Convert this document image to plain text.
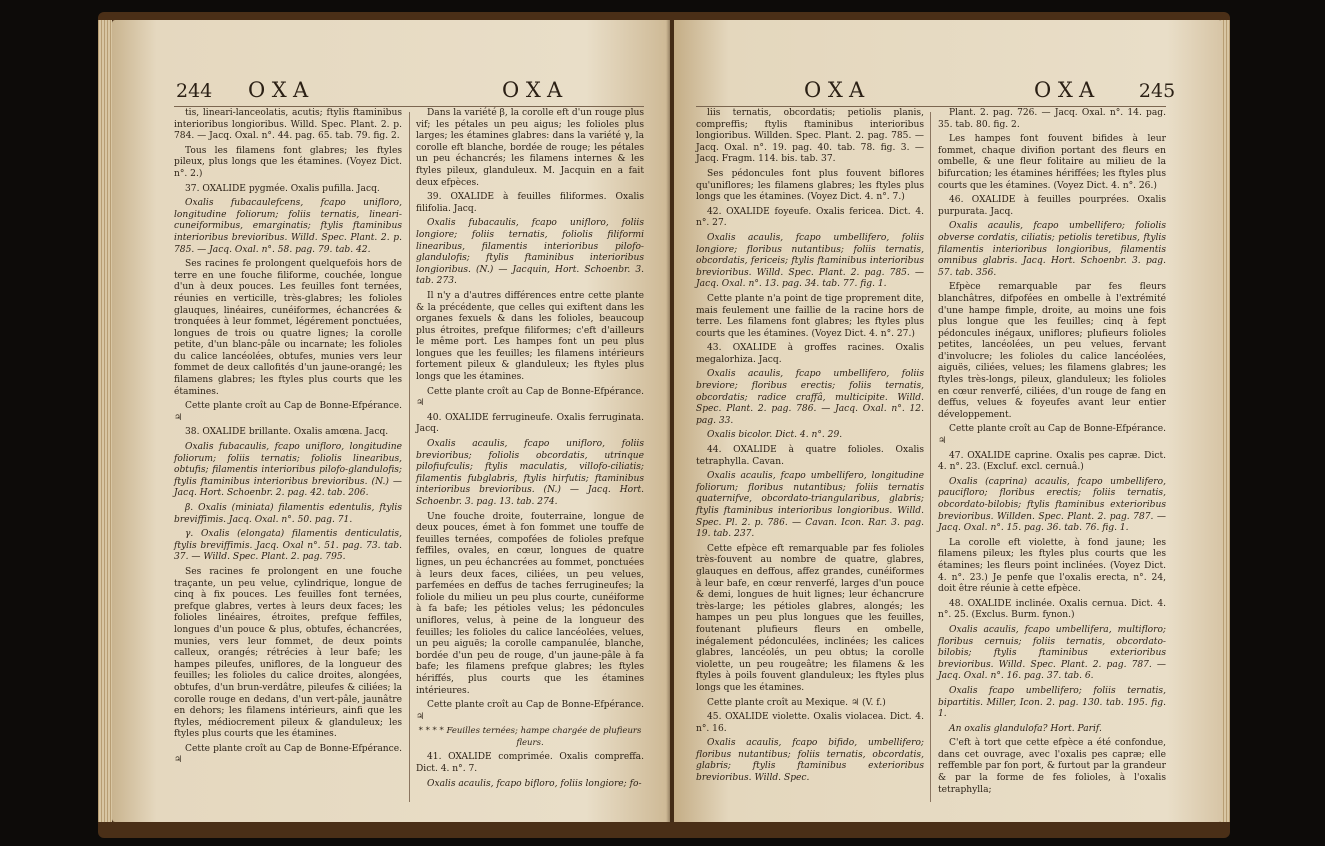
244 OXA	OXA

tis, lineari-lanceolatis, acutis; ftylis ftaminibus interioribus longioribus. Willd. Spec. Plant. 2. p. 784. — Jacq. Oxal. n°. 44. pag. 65. tab. 79. fig. 2.

Tous les filamens font glabres; les ftyles pileux, plus longs que les étamines. (Voyez Dict. n°. 2.)

37. OXALIDE pygmée. Oxalis pufilla. Jacq.

Oxalis fubacaulefcens, fcapo unifloro, longitudine foliorum; foliis ternatis, lineari-cuneiformibus, emarginatis; ftylis ftaminibus interioribus brevioribus. Willd. Spec. Plant. 2. p. 785. — Jacq. Oxal. n°. 58. pag. 79. tab. 42.

Ses racines fe prolongent quelquefois hors de terre en une fouche filiforme, couchée, longue d'un à deux pouces. Les feuilles font ternées, réunies en verticille, très-glabres; les folioles glauques, linéaires, cunéiformes, échancrées & tronquées à leur fommet, légérement ponctuées, longues de trois ou quatre lignes; la corolle petite, d'un blanc-pâle ou incarnate; les folioles du calice lancéolées, obtufes, munies vers leur fommet de deux callofités d'un jaune-orangé; les filamens glabres; les ftyles plus courts que les étamines.

Cette plante croît au Cap de Bonne-Efpérance. ♃

38. OXALIDE brillante. Oxalis amœna. Jacq.

Oxalis fubacaulis, fcapo unifloro, longitudine foliorum; foliis ternatis; foliolis linearibus, obtufis; filamentis interioribus pilofo-glandulofis; ftylis ftaminibus interioribus brevioribus. (N.) — Jacq. Hort. Schoenbr. 2. pag. 42. tab. 206.

β. Oxalis (miniata) filamentis edentulis, ftylis breviffimis. Jacq. Oxal. n°. 50. pag. 71.

γ. Oxalis (elongata) filamentis denticulatis, ftylis breviffimis. Jacq. Oxal n°. 51. pag. 73. tab. 37. — Willd. Spec. Plant. 2. pag. 795.

Ses racines fe prolongent en une fouche traçante, un peu velue, cylindrique, longue de cinq à fix pouces. Les feuilles font ternées, prefque glabres, vertes à leurs deux faces; les folioles linéaires, étroites, prefque feffiles, longues d'un pouce & plus, obtufes, échancrées, munies, vers leur fommet, de deux points calleux, orangés; rétrécies à leur bafe; les hampes pileufes, uniflores, de la longueur des feuilles; les folioles du calice droites, alongées, obtufes, d'un brun-verdâtre, pileufes & ciliées; la corolle rouge en dedans, d'un vert-pâle, jaunâtre en dehors; les filamens intérieurs, ainfi que les ftyles, médiocrement pileux & glanduleux; les ftyles plus courts que les étamines.

Cette plante croît au Cap de Bonne-Efpérance. ♃

Dans la variété β, la corolle eft d'un rouge plus vif; les pétales un peu aigus; les folioles plus larges; les étamines glabres: dans la variété γ, la corolle eft blanche, bordée de rouge; les pétales un peu échancrés; les filamens internes & les ftyles pileux, glanduleux. M. Jacquin en a fait deux efpèces.

39. OXALIDE à feuilles filiformes. Oxalis filifolia. Jacq.

Oxalis fubacaulis, fcapo unifloro, foliis longiore; foliis ternatis, foliolis filiformi linearibus, filamentis interioribus pilofo-glandulofis; ftylis ftaminibus interioribus longioribus. (N.) — Jacquin, Hort. Schoenbr. 3. tab. 273.

Il n'y a d'autres différences entre cette plante & la précédente, que celles qui exiftent dans les organes fexuels & dans les folioles, beaucoup plus étroites, prefque filiformes; c'eft d'ailleurs le même port. Les hampes font un peu plus longues que les feuilles; les filamens intérieurs fortement pileux & glanduleux; les ftyles plus longs que les étamines.

Cette plante croît au Cap de Bonne-Efpérance. ♃

40. OXALIDE ferrugineufe. Oxalis ferruginata. Jacq.

Oxalis acaulis, fcapo unifloro, foliis brevioribus; foliolis obcordatis, utrinque pilofiufculis; ftylis maculatis, villofo-ciliatis; filamentis fubglabris, ftylis hirfutis; ftaminibus interioribus brevioribus. (N.) — Jacq. Hort. Schoenbr. 3. pag. 13. tab. 274.

Une fouche droite, fouterraine, longue de deux pouces, émet à fon fommet une touffe de feuilles ternées, compofées de folioles prefque feffiles, ovales, en cœur, longues de quatre lignes, un peu échancrées au fommet, ponctuées à leurs deux faces, ciliées, un peu velues, parfemées en deffus de taches ferrugineufes; la foliole du milieu un peu plus courte, cunéiforme à fa bafe; les pétioles velus; les pédoncules uniflores, velus, à peine de la longueur des feuilles; les folioles du calice lancéolées, velues, un peu aiguës; la corolle campanulée, blanche, bordée d'un peu de rouge, d'un jaune-pâle à fa bafe; les filamens prefque glabres; les ftyles hériffés, plus courts que les étamines intérieures.

Cette plante croît au Cap de Bonne-Efpérance. ♃

* * * * Feuilles ternées; hampe chargée de plufieurs fleurs.

41. OXALIDE comprimée. Oxalis compreffa. Dict. 4. n°. 7.

Oxalis acaulis, fcapo bifloro, foliis longiore; fo-

OXA	OXA 245

liis ternatis, obcordatis; petiolis planis, compreffis; ftylis ftaminibus interioribus longioribus. Willden. Spec. Plant. 2. pag. 785. — Jacq. Oxal. n°. 19. pag. 40. tab. 78. fig. 3. — Jacq. Fragm. 114. bis. tab. 37.

Ses pédoncules font plus fouvent biflores qu'uniflores; les filamens glabres; les ftyles plus longs que les étamines. (Voyez Dict. 4. n°. 7.)

42. OXALIDE foyeufe. Oxalis fericea. Dict. 4. n°. 27.

Oxalis acaulis, fcapo umbellifero, foliis longiore; floribus nutantibus; foliis ternatis, obcordatis, fericeis; ftylis ftaminibus interioribus brevioribus. Willd. Spec. Plant. 2. pag. 785. — Jacq. Oxal. n°. 13. pag. 34. tab. 77. fig. 1.

Cette plante n'a point de tige proprement dite, mais feulement une faillie de la racine hors de terre. Les filamens font glabres; les ftyles plus courts que les étamines. (Voyez Dict. 4. n°. 27.)

43. OXALIDE à groffes racines. Oxalis megalorhiza. Jacq.

Oxalis acaulis, fcapo umbellifero, foliis breviore; floribus erectis; foliis ternatis, obcordatis; radice craffâ, multicipite. Willd. Spec. Plant. 2. pag. 786. — Jacq. Oxal. n°. 12. pag. 33.

Oxalis bicolor. Dict. 4. n°. 29.

44. OXALIDE à quatre folioles. Oxalis tetraphylla. Cavan.

Oxalis acaulis, fcapo umbellifero, longitudine foliorum; floribus nutantibus; foliis ternatis quaternifve, obcordato-triangularibus, glabris; ftylis ftaminibus interioribus longioribus. Willd. Spec. Pl. 2. p. 786. — Cavan. Icon. Rar. 3. pag. 19. tab. 237.

Cette efpèce eft remarquable par fes folioles très-fouvent au nombre de quatre, glabres, glauques en deffous, affez grandes, cunéiformes à leur bafe, en cœur renverfé, larges d'un pouce & demi, longues de huit lignes; leur échancrure très-large; les pétioles glabres, alongés; les hampes un peu plus longues que les feuilles, foutenant plufieurs fleurs en ombelle, inégalement pédonculées, inclinées; les calices glabres, lancéolés, un peu obtus; la corolle violette, un peu rougeâtre; les filamens & les ftyles à poils fouvent glanduleux; les ftyles plus longs que les étamines.

Cette plante croît au Mexique. ♃ (V. f.)

45. OXALIDE violette. Oxalis violacea. Dict. 4. n°. 16.

Oxalis acaulis, fcapo bifido, umbellifero; floribus nutantibus; foliis ternatis, obcordatis, glabris; ftylis ftaminibus exterioribus brevioribus. Willd. Spec.

Plant. 2. pag. 726. — Jacq. Oxal. n°. 14. pag. 35. tab. 80. fig. 2.

Les hampes font fouvent bifides à leur fommet, chaque divifion portant des fleurs en ombelle, & une fleur folitaire au milieu de la bifurcation; les étamines hériffées; les ftyles plus courts que les étamines. (Voyez Dict. 4. n°. 26.)

46. OXALIDE à feuilles pourprées. Oxalis purpurata. Jacq.

Oxalis acaulis, fcapo umbellifero; foliolis obverse cordatis, ciliatis; petiolis teretibus, ftylis filamentis interioribus longioribus, filamentis omnibus glabris. Jacq. Hort. Schoenbr. 3. pag. 57. tab. 356.

Efpèce remarquable par fes fleurs blanchâtres, difpofées en ombelle à l'extrémité d'une hampe fimple, droite, au moins une fois plus longue que les feuilles; cinq à fept pédoncules inégaux, uniflores; plufieurs folioles petites, lancéolées, un peu velues, fervant d'involucre; les folioles du calice lancéolées, aiguës, ciliées, velues; les filamens glabres; les ftyles très-longs, pileux, glanduleux; les folioles en cœur renverfé, ciliées, d'un rouge de fang en deffus, velues & foyeufes avant leur entier développement.

Cette plante croît au Cap de Bonne-Efpérance. ♃

47. OXALIDE caprine. Oxalis pes capræ. Dict. 4. n°. 23. (Excluf. excl. cernuâ.)

Oxalis (caprina) acaulis, fcapo umbellifero, paucifloro; floribus erectis; foliis ternatis, obcordato-bilobis; ftylis ftaminibus exterioribus brevioribus. Willden. Spec. Plant. 2. pag. 787. — Jacq. Oxal. n°. 15. pag. 36. tab. 76. fig. 1.

La corolle eft violette, à fond jaune; les filamens pileux; les ftyles plus courts que les étamines; les fleurs point inclinées. (Voyez Dict. 4. n°. 23.) Je penfe que l'oxalis erecta, n°. 24, doit être réunie à cette efpèce.

48. OXALIDE inclinée. Oxalis cernua. Dict. 4. n°. 25. (Exclus. Burm. fynon.)

Oxalis acaulis, fcapo umbellifera, multifloro; floribus cernuis; foliis ternatis, obcordato-bilobis; ftylis ftaminibus exterioribus brevioribus. Willd. Spec. Plant. 2. pag. 787. — Jacq. Oxal. n°. 16. pag. 37. tab. 6.

Oxalis fcapo umbellifero; foliis ternatis, bipartitis. Miller, Icon. 2. pag. 130. tab. 195. fig. 1.

An oxalis glandulofa? Hort. Parif.

C'eft à tort que cette efpèce a été confondue, dans cet ouvrage, avec l'oxalis pes capræ; elle reffemble par fon port, & furtout par la grandeur & par la forme de fes folioles, à l'oxalis tetraphylla;
